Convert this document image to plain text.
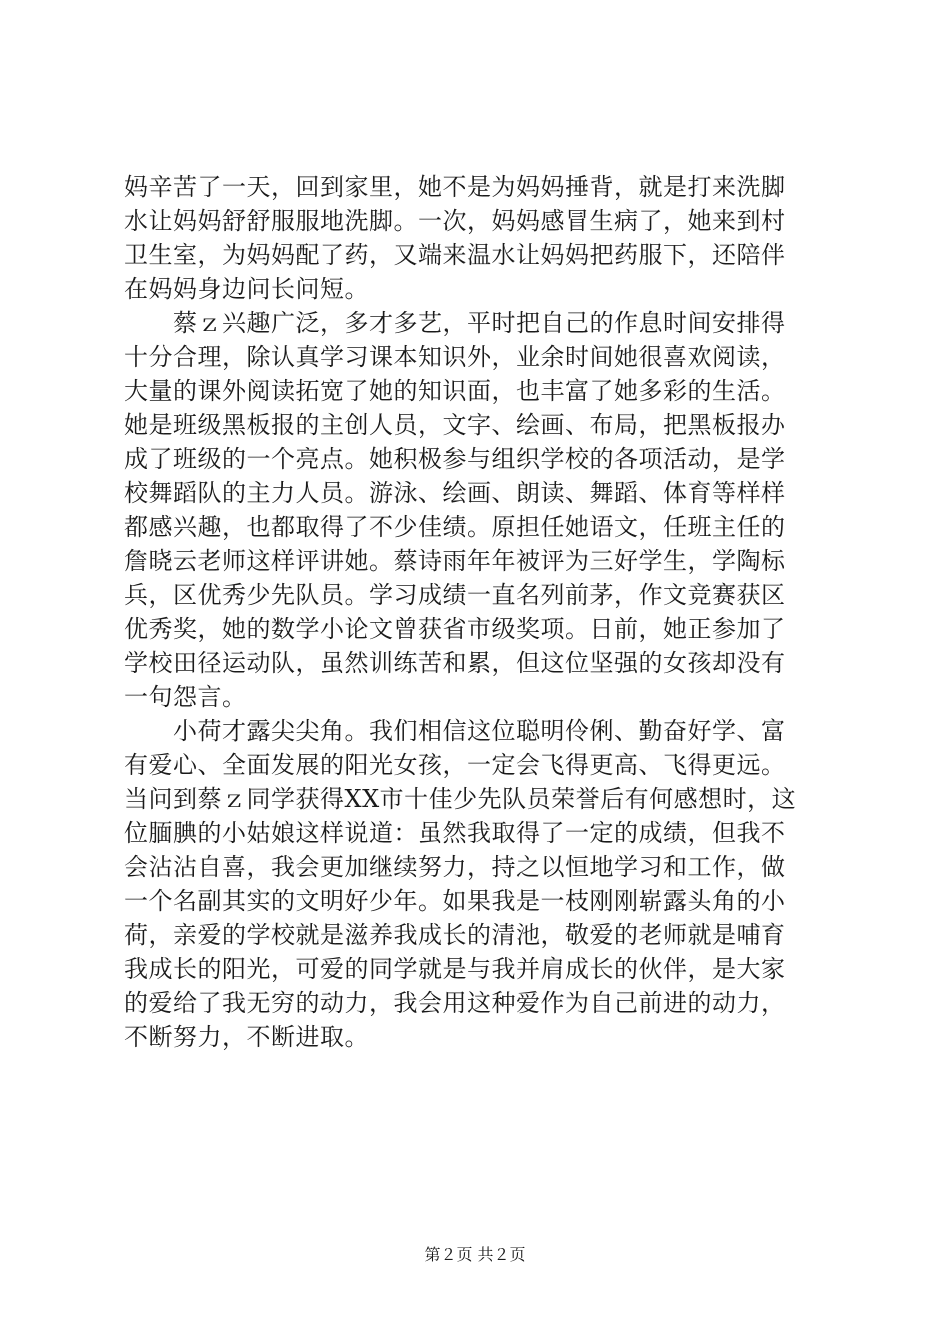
妈辛苦了一天，回到家里，她不是为妈妈捶背，就是打来洗脚
水让妈妈舒舒服服地洗脚。一次，妈妈感冒生病了，她来到村
卫生室，为妈妈配了药，又端来温水让妈妈把药服下，还陪伴
在妈妈身边问长问短。
　　蔡ｚ兴趣广泛，多才多艺，平时把自己的作息时间安排得
十分合理，除认真学习课本知识外，业余时间她很喜欢阅读，
大量的课外阅读拓宽了她的知识面，也丰富了她多彩的生活。
她是班级黑板报的主创人员，文字、绘画、布局，把黑板报办
成了班级的一个亮点。她积极参与组织学校的各项活动，是学
校舞蹈队的主力人员。游泳、绘画、朗读、舞蹈、体育等样样
都感兴趣，也都取得了不少佳绩。原担任她语文，任班主任的
詹晓云老师这样评讲她。蔡诗雨年年被评为三好学生，学陶标
兵，区优秀少先队员。学习成绩一直名列前茅，作文竞赛获区
优秀奖，她的数学小论文曾获省市级奖项。日前，她正参加了
学校田径运动队，虽然训练苦和累，但这位坚强的女孩却没有
一句怨言。
　　小荷才露尖尖角。我们相信这位聪明伶俐、勤奋好学、富
有爱心、全面发展的阳光女孩，一定会飞得更高、飞得更远。
当问到蔡ｚ同学获得XX市十佳少先队员荣誉后有何感想时，这
位腼腆的小姑娘这样说道：虽然我取得了一定的成绩，但我不
会沾沾自喜，我会更加继续努力，持之以恒地学习和工作，做
一个名副其实的文明好少年。如果我是一枝刚刚崭露头角的小
荷，亲爱的学校就是滋养我成长的清池，敬爱的老师就是哺育
我成长的阳光，可爱的同学就是与我并肩成长的伙伴，是大家
的爱给了我无穷的动力，我会用这种爱作为自己前进的动力，
不断努力，不断进取。
第２页 共２页
